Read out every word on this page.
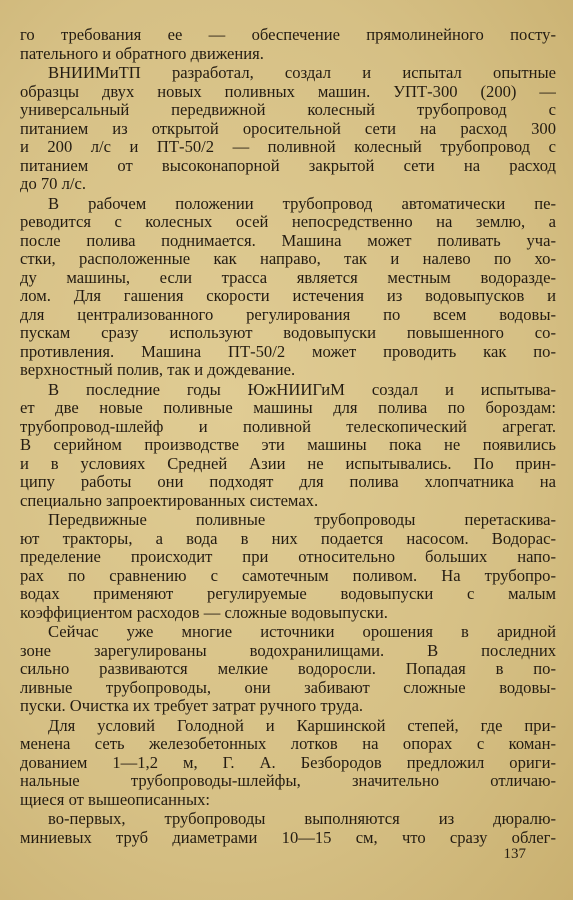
го требования ее — обеспечение прямолинейного посту-
пательного и обратного движения.
ВНИИМиТП разработал, создал и испытал опытные
образцы двух новых поливных машин. УПТ-300 (200) —
универсальный передвижной колесный трубопровод с
питанием из открытой оросительной сети на расход 300
и 200 л/с и ПТ-50/2 — поливной колесный трубопровод с
питанием от высоконапорной закрытой сети на расход
до 70 л/с.
В рабочем положении трубопровод автоматически пе-
реводится с колесных осей непосредственно на землю, а
после полива поднимается. Машина может поливать уча-
стки, расположенные как направо, так и налево по хо-
ду машины, если трасса является местным водоразде-
лом. Для гашения скорости истечения из водовыпусков и
для централизованного регулирования по всем водовы-
пускам сразу используют водовыпуски повышенного со-
противления. Машина ПТ-50/2 может проводить как по-
верхностный полив, так и дождевание.
В последние годы ЮжНИИГиМ создал и испытыва-
ет две новые поливные машины для полива по бороздам:
трубопровод-шлейф и поливной телескопический агрегат.
В серийном производстве эти машины пока не появились
и в условиях Средней Азии не испытывались. По прин-
ципу работы они подходят для полива хлопчатника на
специально запроектированных системах.
Передвижные поливные трубопроводы перетаскива-
ют тракторы, а вода в них подается насосом. Водорас-
пределение происходит при относительно больших напо-
рах по сравнению с самотечным поливом. На трубопро-
водах применяют регулируемые водовыпуски с малым
коэффициентом расходов — сложные водовыпуски.
Сейчас уже многие источники орошения в аридной
зоне зарегулированы водохранилищами. В последних
сильно развиваются мелкие водоросли. Попадая в по-
ливные трубопроводы, они забивают сложные водовы-
пуски. Очистка их требует затрат ручного труда.
Для условий Голодной и Каршинской степей, где при-
менена сеть железобетонных лотков на опорах с коман-
дованием 1—1,2 м, Г. А. Безбородов предложил ориги-
нальные трубопроводы-шлейфы, значительно отличаю-
щиеся от вышеописанных:
во-первых, трубопроводы выполняются из дюралю-
миниевых труб диаметрами 10—15 см, что сразу облег-
137
